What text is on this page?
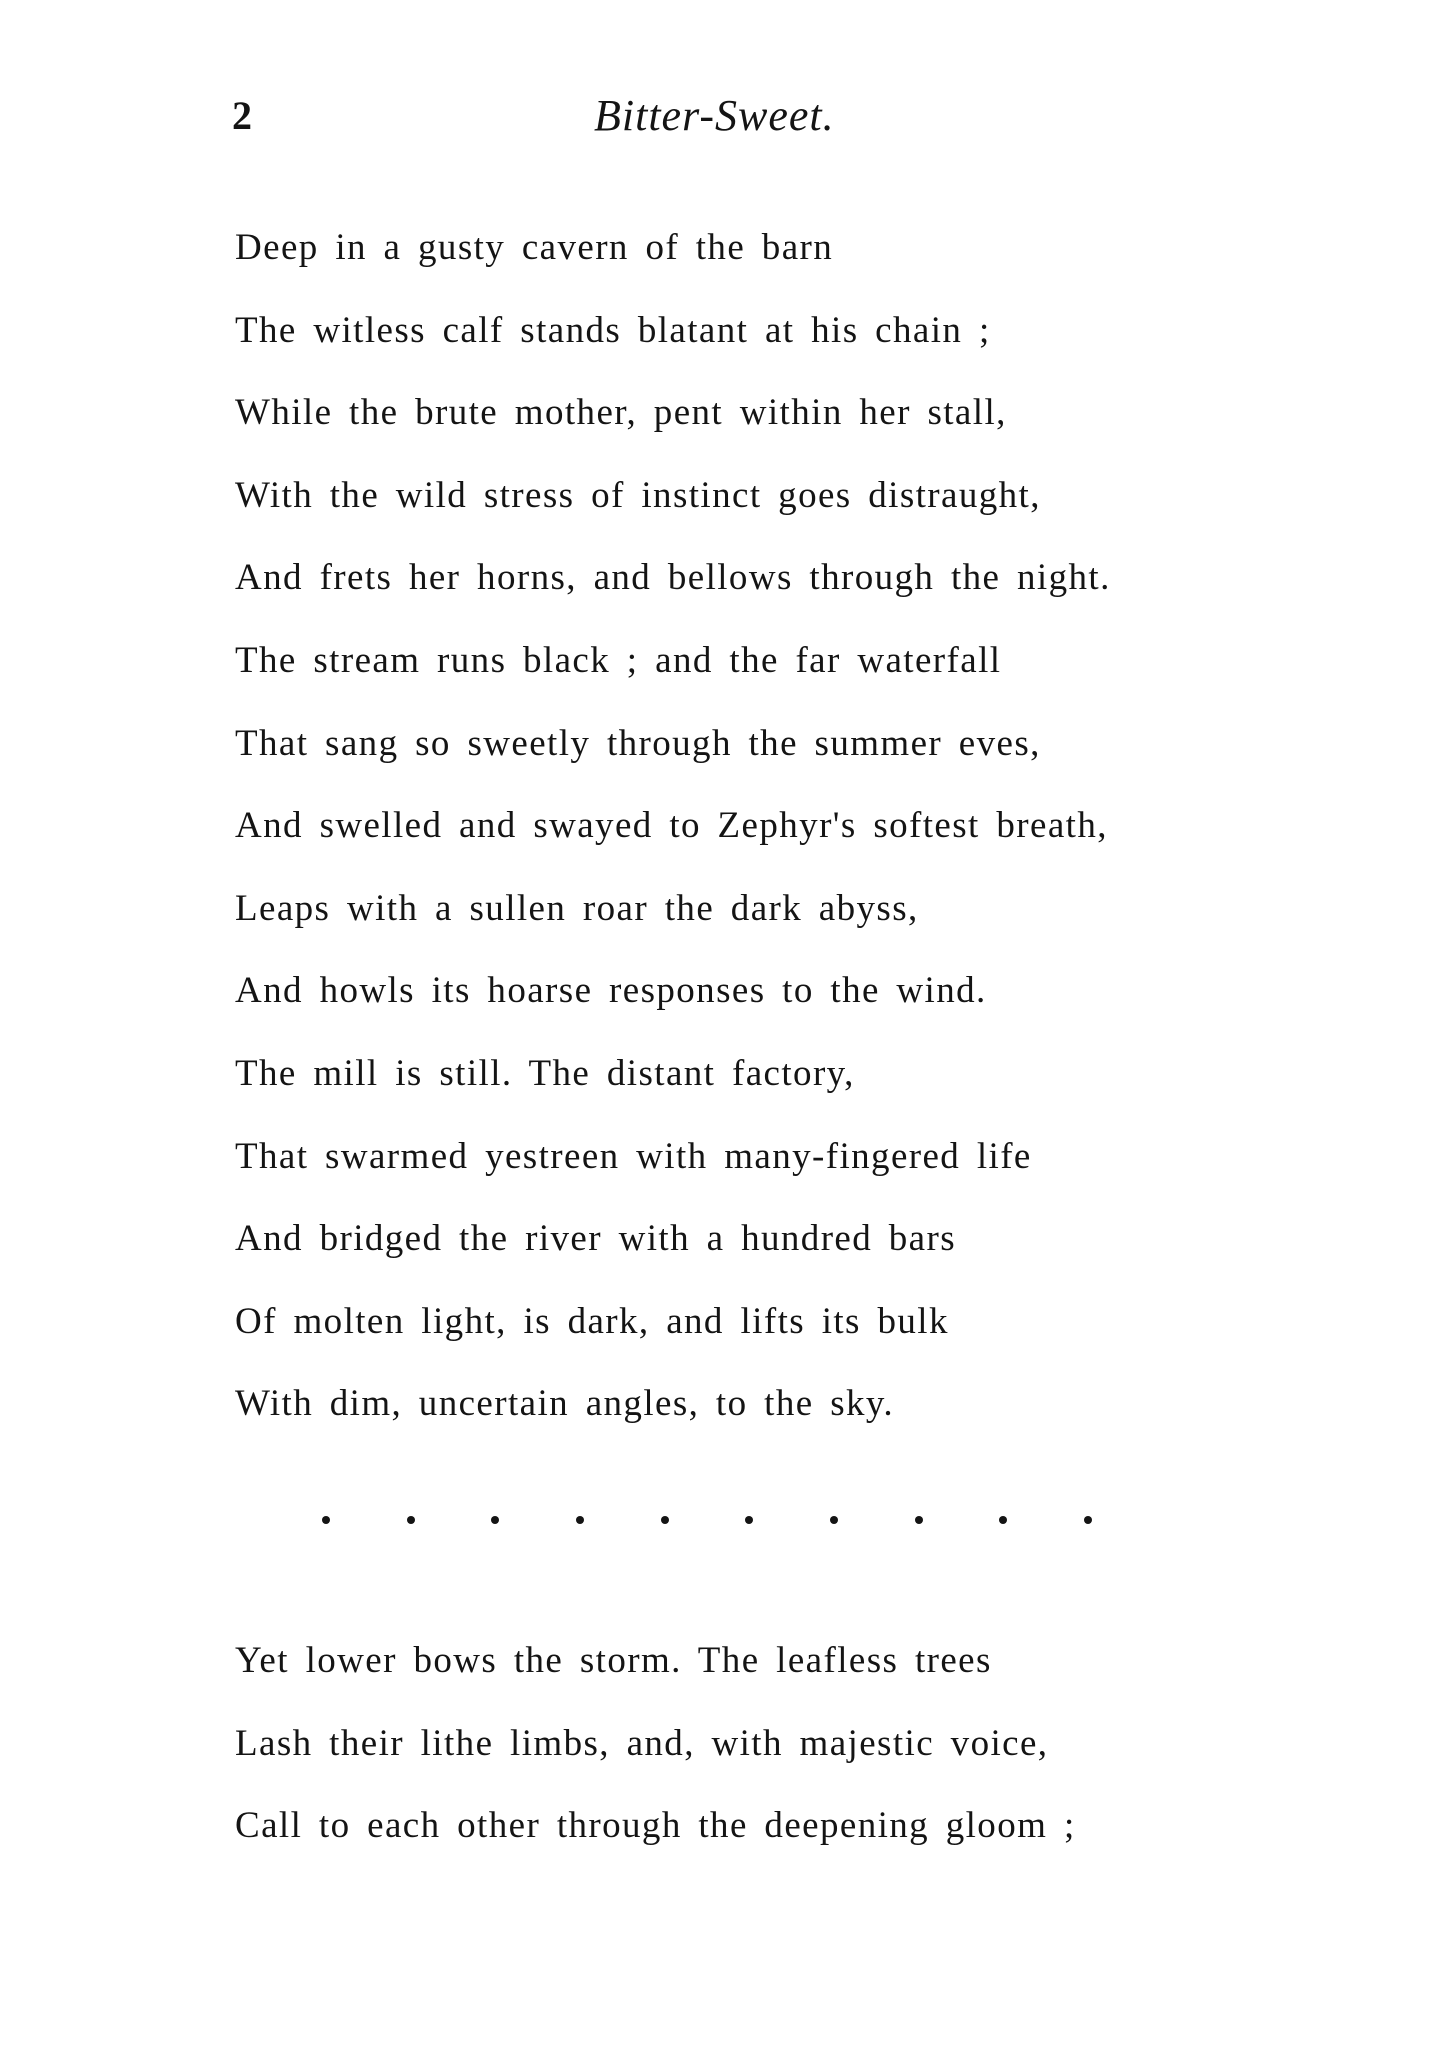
2	Bitter-Sweet.
Deep in a gusty cavern of the barn
The witless calf stands blatant at his chain ;
While the brute mother, pent within her stall,
With the wild stress of instinct goes distraught,
And frets her horns, and bellows through the night.
The stream runs black ; and the far waterfall
That sang so sweetly through the summer eves,
And swelled and swayed to Zephyr's softest breath,
Leaps with a sullen roar the dark abyss,
And howls its hoarse responses to the wind.
The mill is still. The distant factory,
That swarmed yestreen with many-fingered life
And bridged the river with a hundred bars
Of molten light, is dark, and lifts its bulk
With dim, uncertain angles, to the sky.
Yet lower bows the storm. The leafless trees
Lash their lithe limbs, and, with majestic voice,
Call to each other through the deepening gloom ;
